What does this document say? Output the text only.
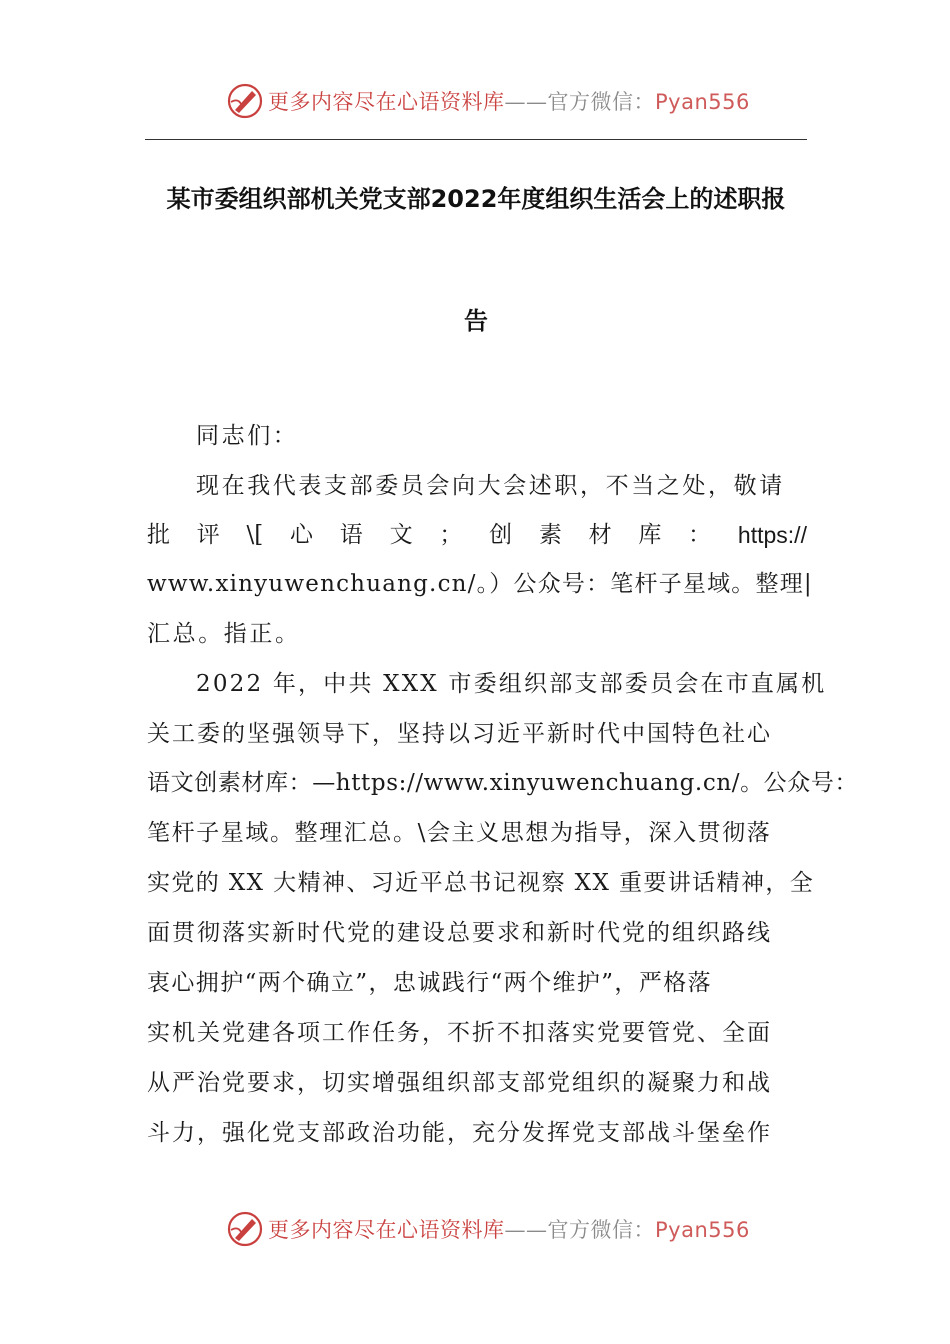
更多内容尽在心语资料库——官方微信：Pyan556
某市委组织部机关党支部2022年度组织生活会上的述职报
告
同志们：
现在我代表支部委员会向大会述职，不当之处，敬请
批 评 \[ 心 语 文 ； 创 素 材 库 ： https://
www.xinyuwenchuang.cn/。）公众号：笔杆子星域。整理|
汇总。指正。
2022 年，中共 XXX 市委组织部支部委员会在市直属机
关工委的坚强领导下，坚持以习近平新时代中国特色社心
语文创素材库：—https://www.xinyuwenchuang.cn/。公众号：
笔杆子星域。整理汇总。\会主义思想为指导，深入贯彻落
实党的 XX 大精神、习近平总书记视察 XX 重要讲话精神，全
面贯彻落实新时代党的建设总要求和新时代党的组织路线
衷心拥护“两个确立”，忠诚践行“两个维护”，严格落
实机关党建各项工作任务，不折不扣落实党要管党、全面
从严治党要求，切实增强组织部支部党组织的凝聚力和战
斗力，强化党支部政治功能，充分发挥党支部战斗堡垒作
更多内容尽在心语资料库——官方微信：Pyan556
